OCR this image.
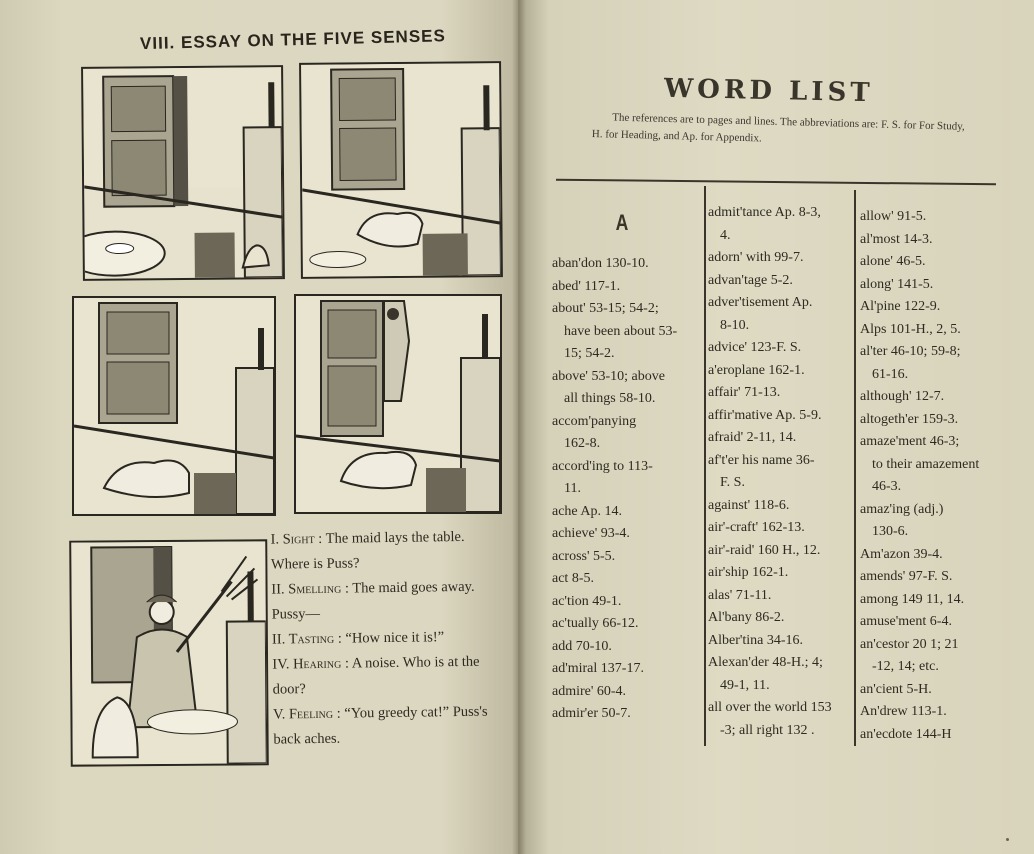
VIII. ESSAY ON THE FIVE SENSES

I. Sight : The maid lays the table. Where is Puss?

II. Smelling : The maid goes away. Pussy—

II. Tasting : “How nice it is!”

IV. Hearing : A noise. Who is at the door?

V. Feeling : “You greedy cat!” Puss's back aches.

WORD LIST
The references are to pages and lines. The abbreviations are: F. S. for For Study, H. for Heading, and Ap. for Appendix.
A

aban'don 130-10.

abed' 117-1.

about' 53-15; 54-2;

have been about 53-

15; 54-2.

above' 53-10; above

all things 58-10.

accom'panying

162-8.

accord'ing to 113-

11.

ache Ap. 14.

achieve' 93-4.

across' 5-5.

act 8-5.

ac'tion 49-1.

ac'tually 66-12.

add 70-10.

ad'miral 137-17.

admire' 60-4.

admir'er 50-7.

admit'tance Ap. 8-3,

4.

adorn' with 99-7.

advan'tage 5-2.

adver'tisement Ap.

8-10.

advice' 123-F. S.

a'eroplane 162-1.

affair' 71-13.

affir'mative Ap. 5-9.

afraid' 2-11, 14.

af't'er his name 36-

F. S.

against' 118-6.

air'-craft' 162-13.

air'-raid' 160 H., 12.

air'ship 162-1.

alas' 71-11.

Al'bany 86-2.

Alber'tina 34-16.

Alexan'der 48-H.; 4;

49-1, 11.

all over the world 153

-3; all right 132 .

allow' 91-5.

al'most 14-3.

alone' 46-5.

along' 141-5.

Al'pine 122-9.

Alps 101-H., 2, 5.

al'ter 46-10; 59-8;

61-16.

although' 12-7.

altogeth'er 159-3.

amaze'ment 46-3;

to their amazement

46-3.

amaz'ing (adj.)

130-6.

Am'azon 39-4.

amends' 97-F. S.

among 149 11, 14.

amuse'ment 6-4.

an'cestor 20 1; 21

-12, 14; etc.

an'cient 5-H.

An'drew 113-1.

an'ecdote 144-H
